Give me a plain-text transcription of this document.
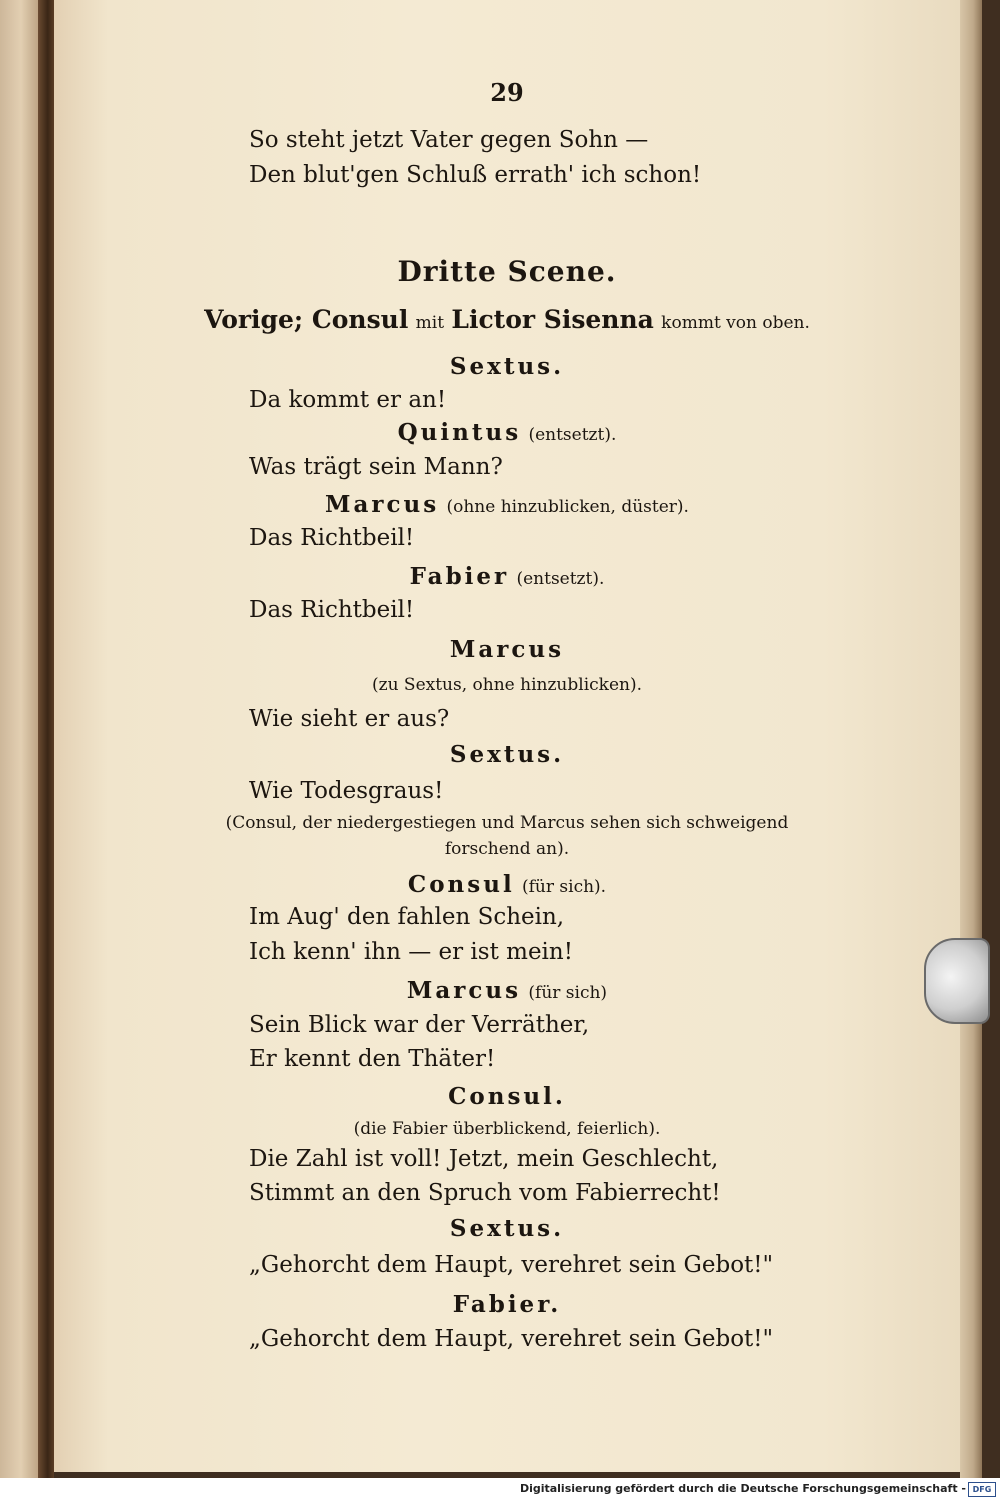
29

So steht jetzt Vater gegen Sohn —

Den blut'gen Schluß errath' ich schon!

Dritte Scene.

Vorige; Consul mit Lictor Sisenna kommt von oben.

Sextus.

Da kommt er an!

Quintus (entsetzt).

Was trägt sein Mann?

Marcus (ohne hinzublicken, düster).

Das Richtbeil!

Fabier (entsetzt).

Das Richtbeil!

Marcus

(zu Sextus, ohne hinzublicken).

Wie sieht er aus?

Sextus.

Wie Todesgraus!

(Consul, der niedergestiegen und Marcus sehen sich schweigend

forschend an).

Consul (für sich).

Im Aug' den fahlen Schein,

Ich kenn' ihn — er ist mein!

Marcus (für sich)

Sein Blick war der Verräther,

Er kennt den Thäter!

Consul.

(die Fabier überblickend, feierlich).

Die Zahl ist voll! Jetzt, mein Geschlecht,

Stimmt an den Spruch vom Fabierrecht!

Sextus.

„Gehorcht dem Haupt, verehret sein Gebot!"

Fabier.

„Gehorcht dem Haupt, verehret sein Gebot!"

Digitalisierung gefördert durch die Deutsche Forschungsgemeinschaft - DFG
